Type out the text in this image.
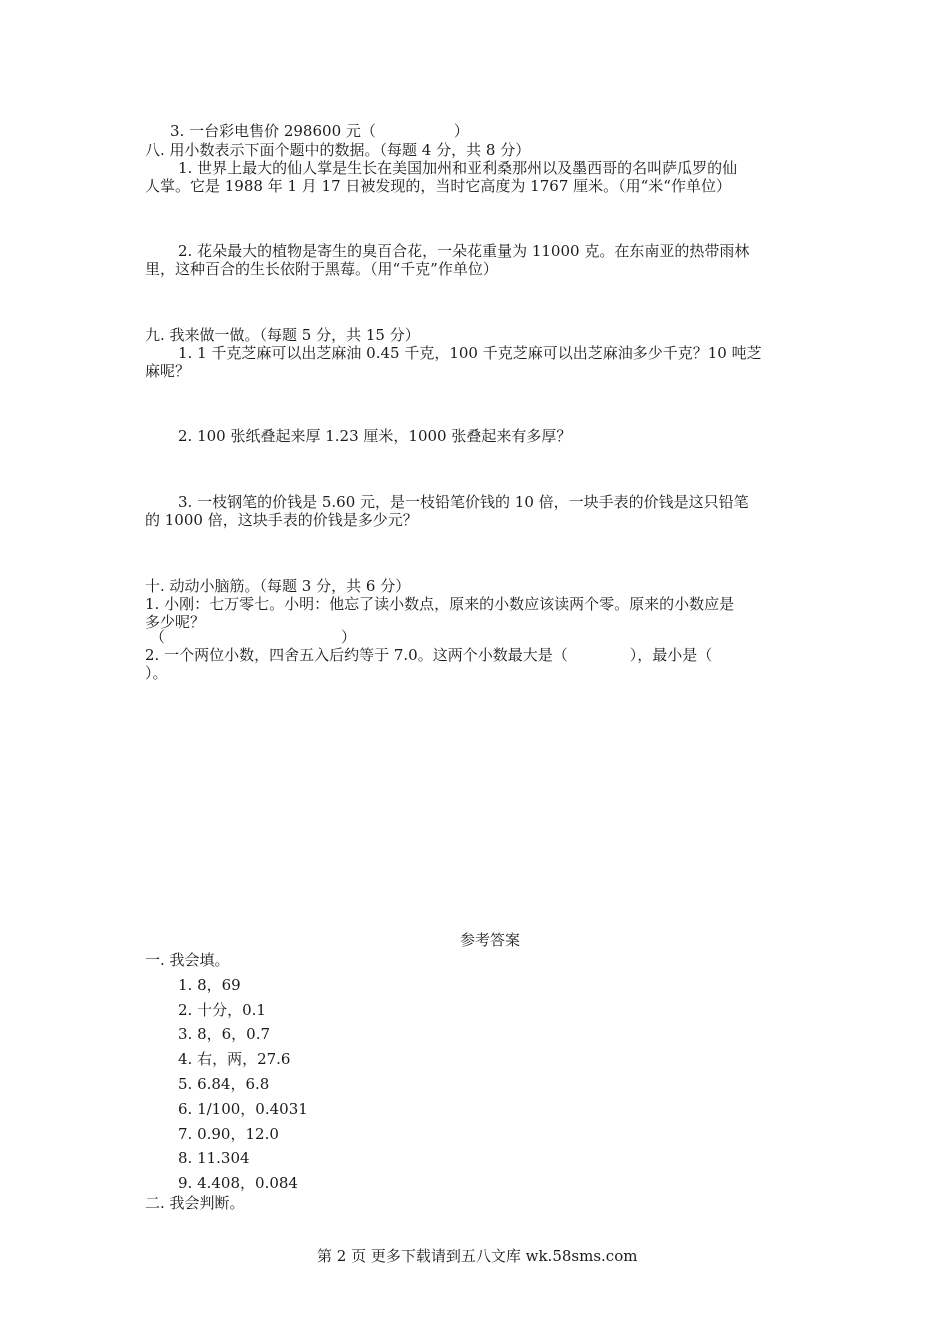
3. 一台彩电售价 298600 元（	）
八. 用小数表示下面个题中的数据。（每题 4 分，共 8 分）
1. 世界上最大的仙人掌是生长在美国加州和亚利桑那州以及墨西哥的名叫萨瓜罗的仙
人掌。它是 1988 年 1 月 17 日被发现的，当时它高度为 1767 厘米。（用“米“作单位）
2. 花朵最大的植物是寄生的臭百合花，一朵花重量为 11000 克。在东南亚的热带雨林
里，这种百合的生长依附于黑莓。（用“千克”作单位）
九. 我来做一做。（每题 5 分，共 15 分）
1. 1 千克芝麻可以出芝麻油 0.45 千克，100 千克芝麻可以出芝麻油多少千克？10 吨芝
麻呢？
2. 100 张纸叠起来厚 1.23 厘米，1000 张叠起来有多厚？
3. 一枝钢笔的价钱是 5.60 元，是一枝铅笔价钱的 10 倍，一块手表的价钱是这只铅笔
的 1000 倍，这块手表的价钱是多少元？
十. 动动小脑筋。（每题 3 分，共 6 分）
1. 小刚：七万零七。小明：他忘了读小数点，原来的小数应该读两个零。原来的小数应是
多少呢？
（	）
2. 一个两位小数，四舍五入后约等于 7.0。这两个小数最大是（	），最小是（
）。
参考答案
一. 我会填。
1. 8，69
2. 十分，0.1
3. 8，6，0.7
4. 右，两，27.6
5. 6.84，6.8
6. 1/100，0.4031
7. 0.90，12.0
8. 11.304
9. 4.408，0.084
二. 我会判断。
第 2 页 更多下载请到五八文库 wk.58sms.com
